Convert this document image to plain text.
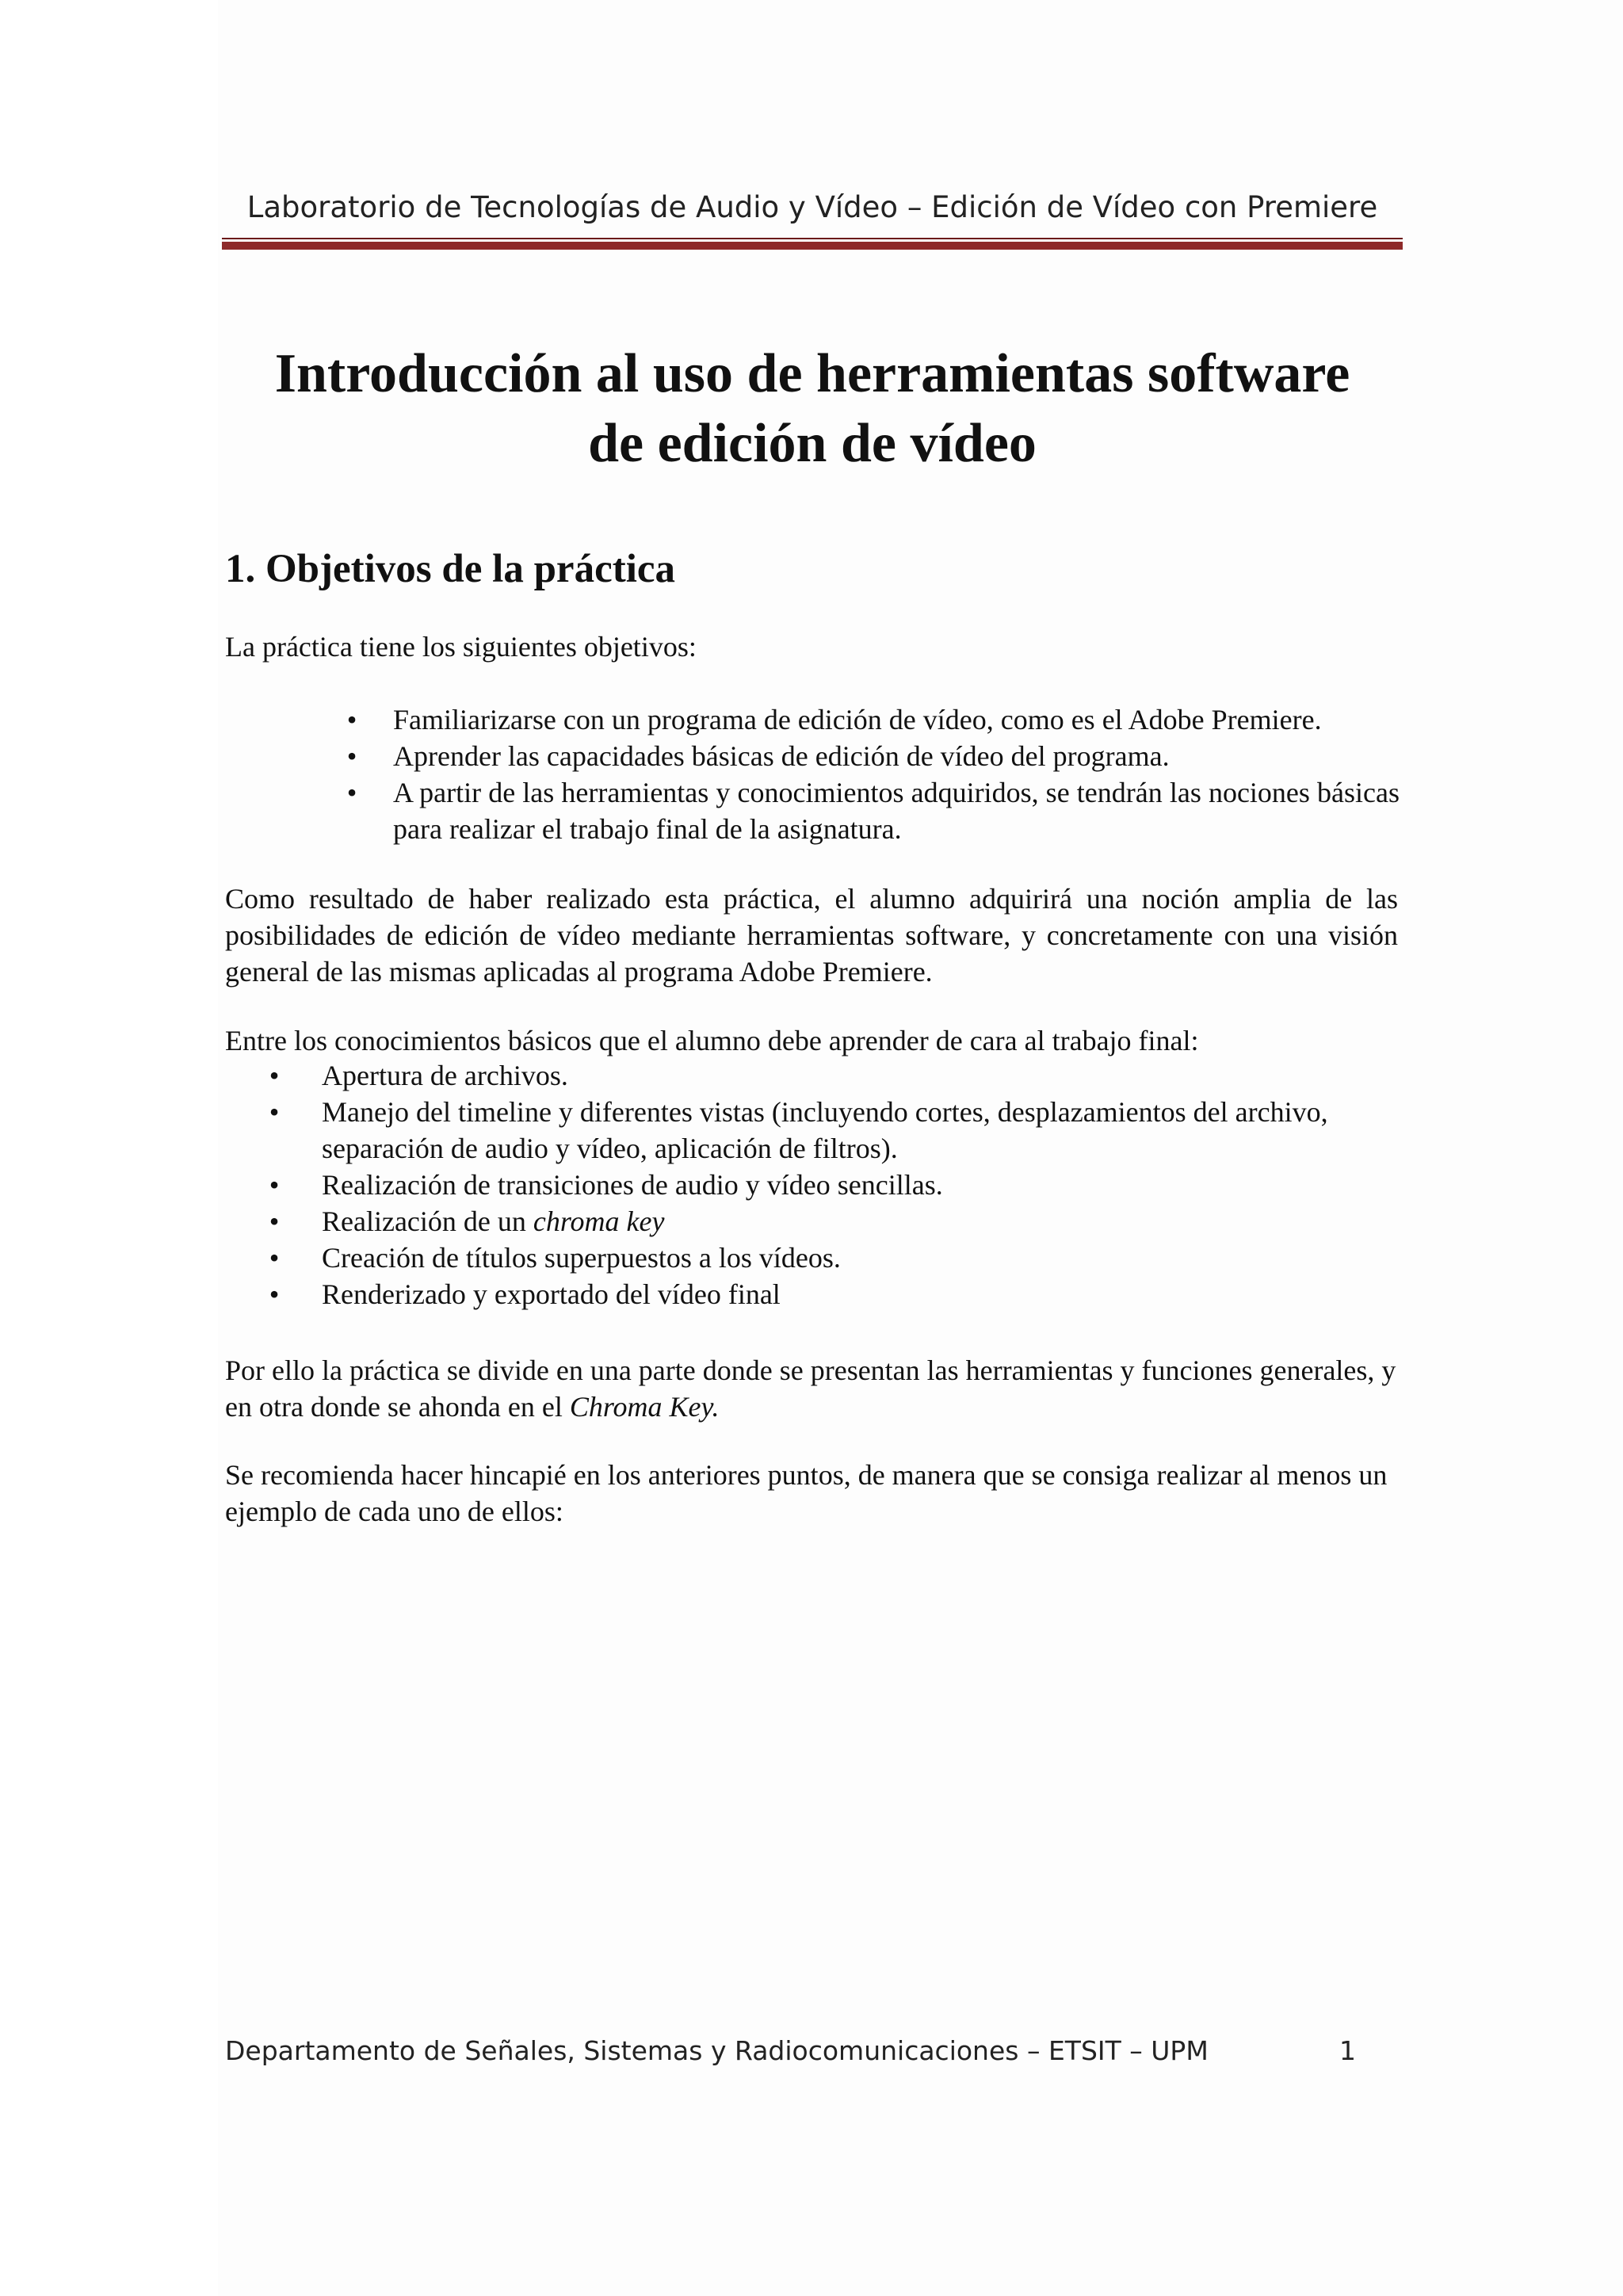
Laboratorio de Tecnologías de Audio y Vídeo – Edición de Vídeo con Premiere
Introducción al uso de herramientas software
de edición de vídeo
1. Objetivos de la práctica

La práctica tiene los siguientes objetivos:

• Familiarizarse con un programa de edición de vídeo, como es el Adobe Premiere.
• Aprender las capacidades básicas de edición de vídeo del programa.
• A partir de las herramientas y conocimientos adquiridos, se tendrán las nociones básicas para realizar el trabajo final de la asignatura.

Como resultado de haber realizado esta práctica, el alumno adquirirá una noción amplia de las posibilidades de edición de vídeo mediante herramientas software, y concretamente con una visión general de las mismas aplicadas al programa Adobe Premiere.

Entre los conocimientos básicos que el alumno debe aprender de cara al trabajo final:

• Apertura de archivos.
• Manejo del timeline y diferentes vistas (incluyendo cortes, desplazamientos del archivo, separación de audio y vídeo, aplicación de filtros).
• Realización de transiciones de audio y vídeo sencillas.
• Realización de un chroma key
• Creación de títulos superpuestos a los vídeos.
• Renderizado y exportado del vídeo final

Por ello la práctica se divide en una parte donde se presentan las herramientas y funciones generales, y en otra donde se ahonda en el Chroma Key.

Se recomienda hacer hincapié en los anteriores puntos, de manera que se consiga realizar al menos un ejemplo de cada uno de ellos:

Departamento de Señales, Sistemas y Radiocomunicaciones – ETSIT – UPM	1
